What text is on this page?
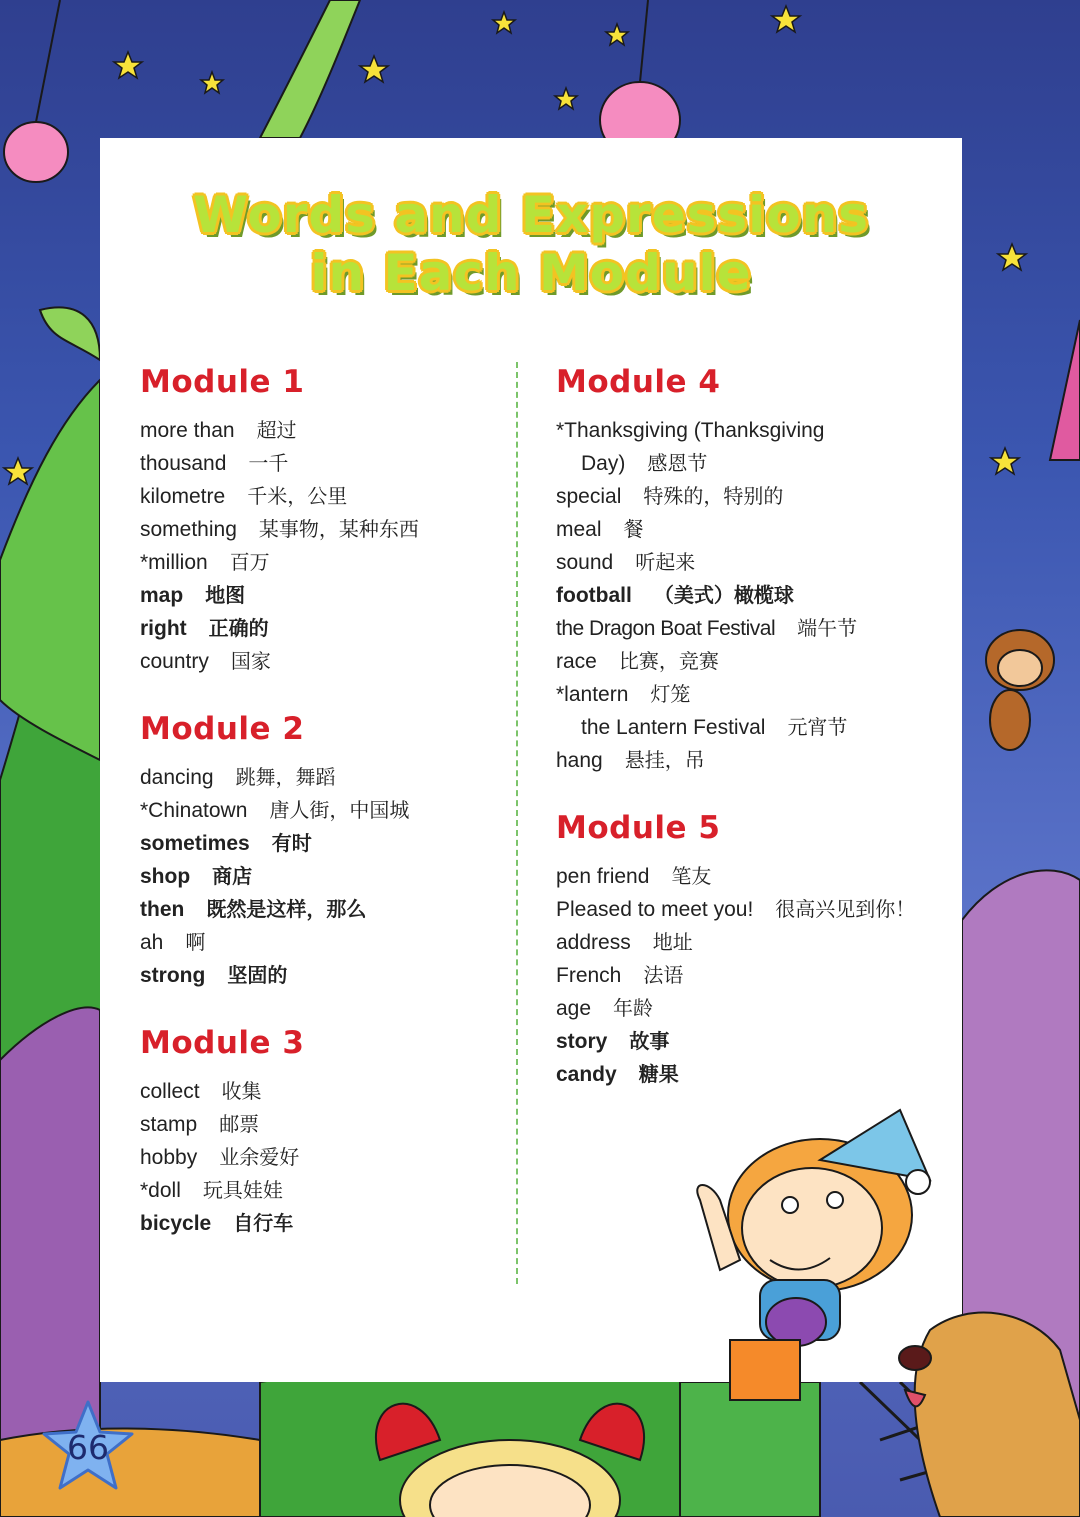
Words and Expressions
in Each Module
Module 1
more than 超过
thousand 一千
kilometre 千米，公里
something 某事物，某种东西
*million 百万
map 地图
right 正确的
country 国家
Module 2
dancing 跳舞，舞蹈
*Chinatown 唐人街，中国城
sometimes 有时
shop 商店
then 既然是这样，那么
ah 啊
strong 坚固的
Module 3
collect 收集
stamp 邮票
hobby 业余爱好
*doll 玩具娃娃
bicycle 自行车
Module 4
*Thanksgiving (Thanksgiving
Day) 感恩节
special 特殊的，特别的
meal 餐
sound 听起来
football （美式）橄榄球
the Dragon Boat Festival 端午节
race 比赛，竞赛
*lantern 灯笼
the Lantern Festival 元宵节
hang 悬挂，吊
Module 5
pen friend 笔友
Pleased to meet you! 很高兴见到你！
address 地址
French 法语
age 年龄
story 故事
candy 糖果
66
